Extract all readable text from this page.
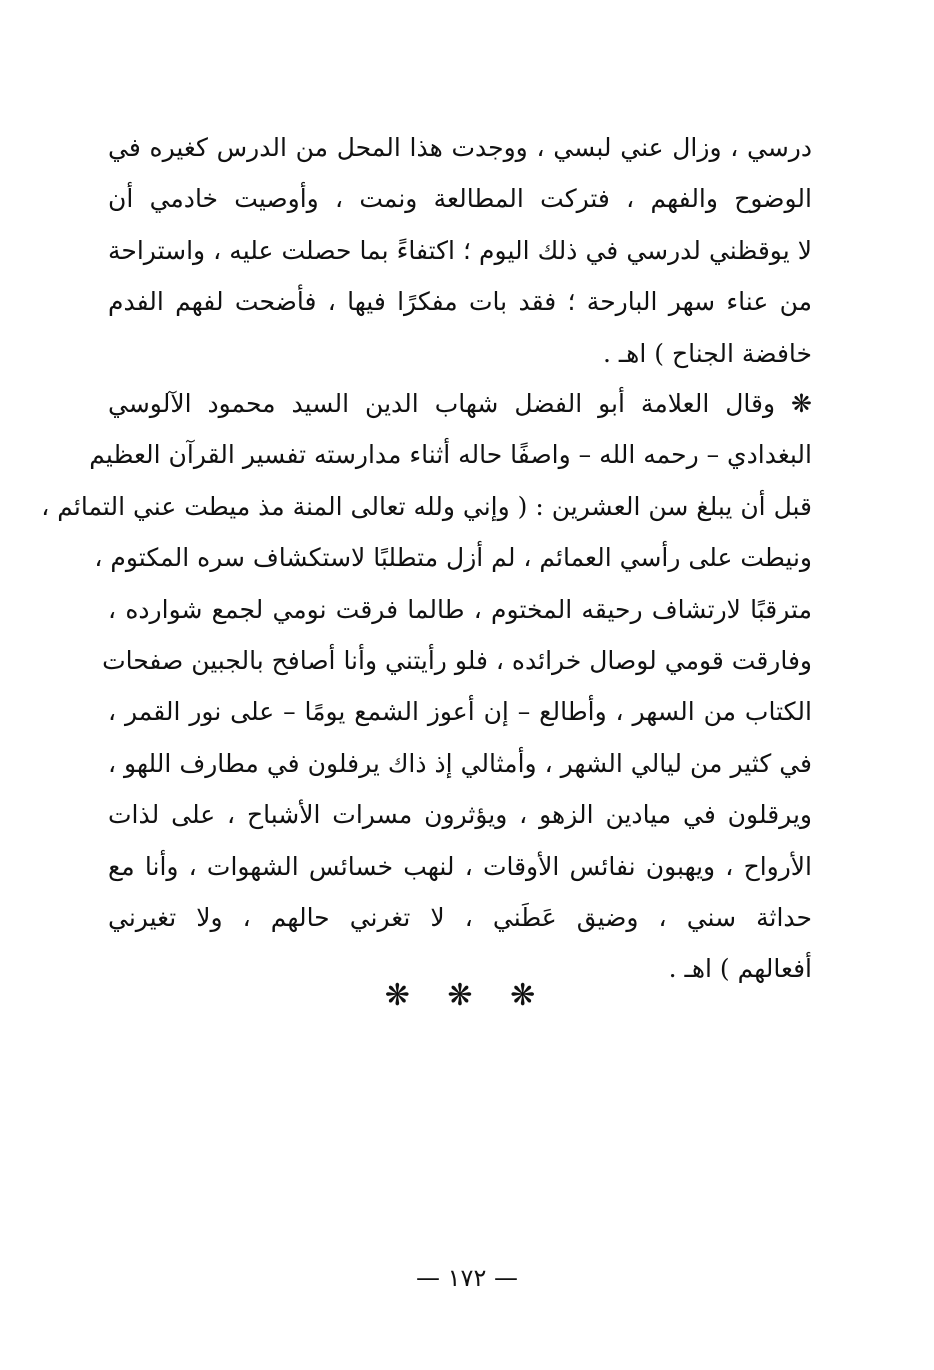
درسي ، وزال عني لبسي ، ووجدت هذا المحل من الدرس كغيره في
الوضوح والفهم ، فتركت المطالعة ونمت ، وأوصيت خادمي أن
لا يوقظني لدرسي في ذلك اليوم ؛ اكتفاءً بما حصلت عليه ، واستراحة
من عناء سهر البارحة ؛ فقد بات مفكرًا فيها ، فأضحت لفهم الفدم
خافضة الجناح ) اهـ .
❋ وقال العلامة أبو الفضل شهاب الدين السيد محمود الآلوسي
البغدادي – رحمه الله – واصفًا حاله أثناء مدارسته تفسير القرآن العظيم
قبل أن يبلغ سن العشرين : ( وإني ولله تعالى المنة مذ ميطت عني التمائم ،
ونيطت على رأسي العمائم ، لم أزل متطلبًا لاستكشاف سره المكتوم ،
مترقبًا لارتشاف رحيقه المختوم ، طالما فرقت نومي لجمع شوارده ،
وفارقت قومي لوصال خرائده ، فلو رأيتني وأنا أصافح بالجبين صفحات
الكتاب من السهر ، وأطالع – إن أعوز الشمع يومًا – على نور القمر ،
في كثير من ليالي الشهر ، وأمثالي إذ ذاك يرفلون في مطارف اللهو ،
ويرقلون في ميادين الزهو ، ويؤثرون مسرات الأشباح ، على لذات
الأرواح ، ويهبون نفائس الأوقات ، لنهب خسائس الشهوات ، وأنا مع
حداثة سني ، وضيق عَطَني ، لا تغرني حالهم ، ولا تغيرني
أفعالهم ) اهـ .
❋ ❋ ❋
— ١٧٢ —
